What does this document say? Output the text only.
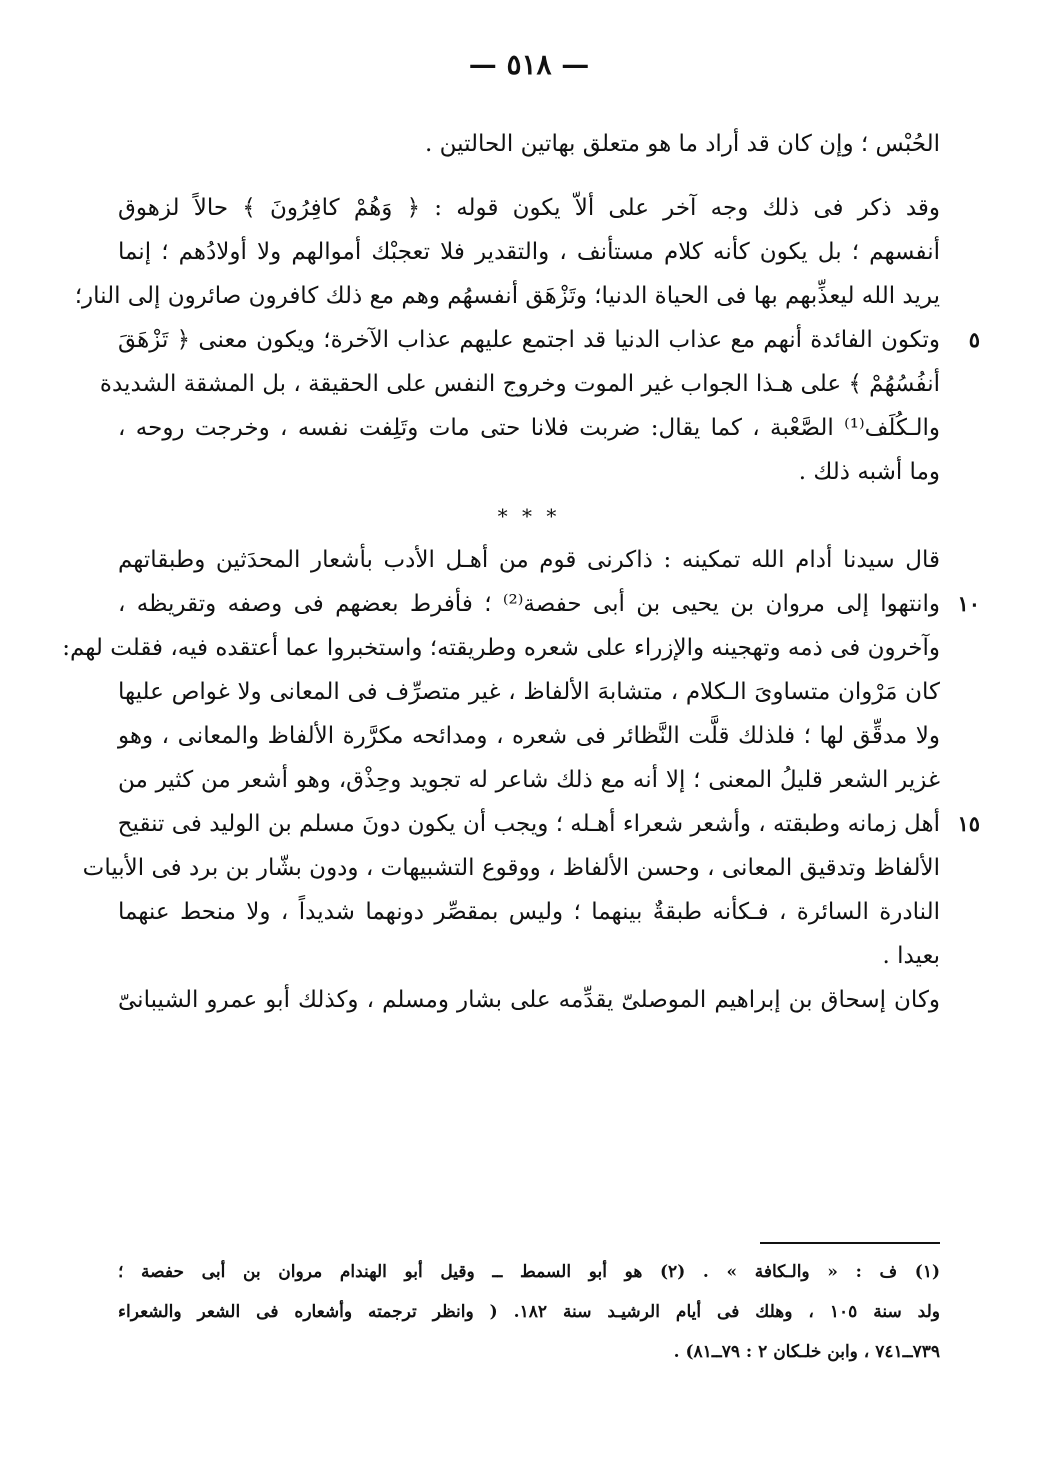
— ٥١٨ —
الحُبْس ؛ وإن كان قد أراد ما هو متعلق بهاتين الحالتين .
وقد ذكر فى ذلك وجه آخر على ألاّ يكون قوله : ﴿ وَهُمْ كافِرُونَ ﴾ حالاً لزهوق
أنفسهم ؛ بل يكون كأنه كلام مستأنف ، والتقدير فلا تعجبْك أموالهم ولا أولادُهم ؛ إنما
يريد الله ليعذِّبهم بها فى الحياة الدنيا؛ وتَزْهَق أنفسهُم وهم مع ذلك كافرون صائرون إلى النار؛
٥
وتكون الفائدة أنهم مع عذاب الدنيا قد اجتمع عليهم عذاب الآخرة؛ ويكون معنى ﴿ تَزْهَقَ
أنفُسُهُمْ ﴾ على هـذا الجواب غير الموت وخروج النفس على الحقيقة ، بل المشقة الشديدة
والـكُلَف⁽¹⁾ الصَّعْبة ، كما يقال: ضربت فلانا حتى مات وتَلِفت نفسه ، وخرجت روحه ،
وما أشبه ذلك .
* * *
قال سيدنا أدام الله تمكينه : ذاكرنى قوم من أهـل الأدب بأشعار المحدَثين وطبقاتهم
١٠
وانتهوا إلى مروان بن يحيى بن أبى حفصة⁽²⁾ ؛ فأفرط بعضهم فى وصفه وتقريظه ،
وآخرون فى ذمه وتهجينه والإزراء على شعره وطريقته؛ واستخبروا عما أعتقده فيه، فقلت لهم:
كان مَرْوان متساوىَ الـكلام ، متشابهَ الألفاظ ، غير متصرِّف فى المعانى ولا غواص عليها
ولا مدقِّق لها ؛ فلذلك قلَّت النَّظائر فى شعره ، ومدائحه مكرَّرة الألفاظ والمعانى ، وهو
غزير الشعر قليلُ المعنى ؛ إلا أنه مع ذلك شاعر له تجويد وحِذْق، وهو أشعر من كثير من
١٥
أهل زمانه وطبقته ، وأشعر شعراء أهـله ؛ ويجب أن يكون دونَ مسلم بن الوليد فى تنقيح
الألفاظ وتدقيق المعانى ، وحسن الألفاظ ، ووقوع التشبيهات ، ودون بشّار بن برد فى الأبيات
النادرة السائرة ، فـكأنه طبقةٌ بينهما ؛ وليس بمقصِّر دونهما شديداً ، ولا منحط عنهما
بعيدا .
وكان إسحاق بن إبراهيم الموصلىّ يقدِّمه على بشار ومسلم ، وكذلك أبو عمرو الشيبانىّ
(١) ف : « والـكافة » . (٢) هو أبو السمط ــ وقيل أبو الهندام مروان بن أبى حفصة ؛
ولد سنة ١٠٥ ، وهلك فى أيام الرشيـد سنة ١٨٢. ( وانظر ترجمته وأشعاره فى الشعر والشعراء
٧٣٩ــ٧٤١ ، وابن خلـكان ٢ : ٧٩ــ٨١) .
